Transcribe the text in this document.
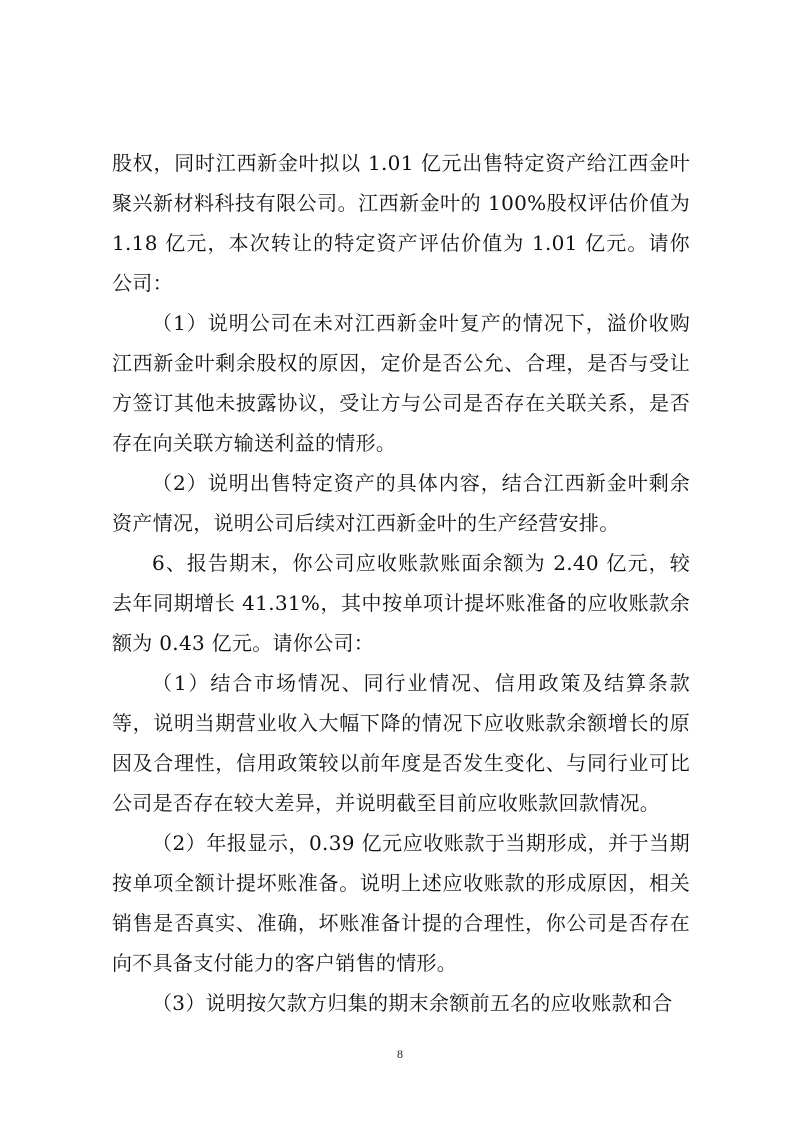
股权，同时江西新金叶拟以 1.01 亿元出售特定资产给江西金叶聚兴新材料科技有限公司。江西新金叶的 100%股权评估价值为 1.18 亿元，本次转让的特定资产评估价值为 1.01 亿元。请你公司：

（1）说明公司在未对江西新金叶复产的情况下，溢价收购江西新金叶剩余股权的原因，定价是否公允、合理，是否与受让方签订其他未披露协议，受让方与公司是否存在关联关系，是否存在向关联方输送利益的情形。

（2）说明出售特定资产的具体内容，结合江西新金叶剩余资产情况，说明公司后续对江西新金叶的生产经营安排。

6、报告期末，你公司应收账款账面余额为 2.40 亿元，较去年同期增长 41.31%，其中按单项计提坏账准备的应收账款余额为 0.43 亿元。请你公司：

（1）结合市场情况、同行业情况、信用政策及结算条款等，说明当期营业收入大幅下降的情况下应收账款余额增长的原因及合理性，信用政策较以前年度是否发生变化、与同行业可比公司是否存在较大差异，并说明截至目前应收账款回款情况。

（2）年报显示，0.39 亿元应收账款于当期形成，并于当期按单项全额计提坏账准备。说明上述应收账款的形成原因，相关销售是否真实、准确，坏账准备计提的合理性，你公司是否存在向不具备支付能力的客户销售的情形。

（3）说明按欠款方归集的期末余额前五名的应收账款和合

8
